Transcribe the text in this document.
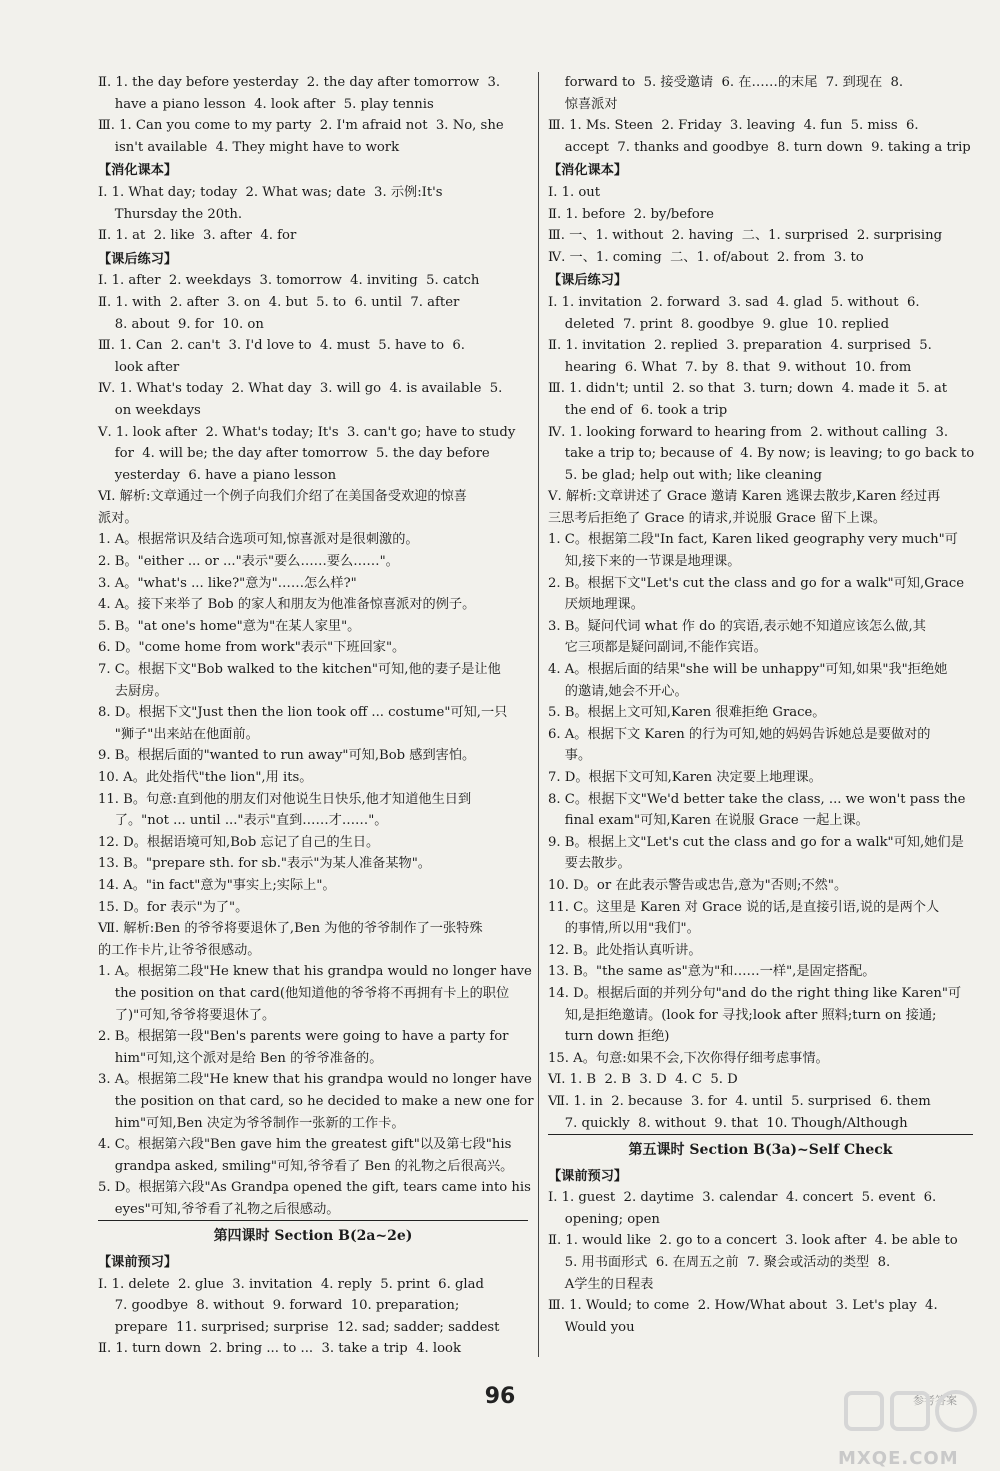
Ⅱ. 1. the day before yesterday  2. the day after tomorrow  3.
have a piano lesson  4. look after  5. play tennis
Ⅲ. 1. Can you come to my party  2. I'm afraid not  3. No, she
isn't available  4. They might have to work
【消化课本】
Ⅰ. 1. What day; today  2. What was; date  3. 示例:It's
Thursday the 20th.
Ⅱ. 1. at  2. like  3. after  4. for
【课后练习】
Ⅰ. 1. after  2. weekdays  3. tomorrow  4. inviting  5. catch
Ⅱ. 1. with  2. after  3. on  4. but  5. to  6. until  7. after
8. about  9. for  10. on
Ⅲ. 1. Can  2. can't  3. I'd love to  4. must  5. have to  6.
look after
Ⅳ. 1. What's today  2. What day  3. will go  4. is available  5.
on weekdays
Ⅴ. 1. look after  2. What's today; It's  3. can't go; have to study
for  4. will be; the day after tomorrow  5. the day before
yesterday  6. have a piano lesson
Ⅵ. 解析:文章通过一个例子向我们介绍了在美国备受欢迎的惊喜
派对。
1. A。根据常识及结合选项可知,惊喜派对是很刺激的。
2. B。"either ... or ..."表示"要么……要么……"。
3. A。"what's ... like?"意为"……怎么样?"
4. A。接下来举了 Bob 的家人和朋友为他准备惊喜派对的例子。
5. B。"at one's home"意为"在某人家里"。
6. D。"come home from work"表示"下班回家"。
7. C。根据下文"Bob walked to the kitchen"可知,他的妻子是让他
去厨房。
8. D。根据下文"Just then the lion took off ... costume"可知,一只
"狮子"出来站在他面前。
9. B。根据后面的"wanted to run away"可知,Bob 感到害怕。
10. A。此处指代"the lion",用 its。
11. B。句意:直到他的朋友们对他说生日快乐,他才知道他生日到
了。"not ... until ..."表示"直到……才……"。
12. D。根据语境可知,Bob 忘记了自己的生日。
13. B。"prepare sth. for sb."表示"为某人准备某物"。
14. A。"in fact"意为"事实上;实际上"。
15. D。for 表示"为了"。
Ⅶ. 解析:Ben 的爷爷将要退休了,Ben 为他的爷爷制作了一张特殊
的工作卡片,让爷爷很感动。
1. A。根据第二段"He knew that his grandpa would no longer have
the position on that card(他知道他的爷爷将不再拥有卡上的职位
了)"可知,爷爷将要退休了。
2. B。根据第一段"Ben's parents were going to have a party for
him"可知,这个派对是给 Ben 的爷爷准备的。
3. A。根据第二段"He knew that his grandpa would no longer have
the position on that card, so he decided to make a new one for
him"可知,Ben 决定为爷爷制作一张新的工作卡。
4. C。根据第六段"Ben gave him the greatest gift"以及第七段"his
grandpa asked, smiling"可知,爷爷看了 Ben 的礼物之后很高兴。
5. D。根据第六段"As Grandpa opened the gift, tears came into his
eyes"可知,爷爷看了礼物之后很感动。
第四课时 Section B(2a~2e)
【课前预习】
Ⅰ. 1. delete  2. glue  3. invitation  4. reply  5. print  6. glad
7. goodbye  8. without  9. forward  10. preparation;
prepare  11. surprised; surprise  12. sad; sadder; saddest
Ⅱ. 1. turn down  2. bring ... to ...  3. take a trip  4. look
forward to  5. 接受邀请  6. 在……的末尾  7. 到现在  8.
惊喜派对
Ⅲ. 1. Ms. Steen  2. Friday  3. leaving  4. fun  5. miss  6.
accept  7. thanks and goodbye  8. turn down  9. taking a trip
【消化课本】
Ⅰ. 1. out
Ⅱ. 1. before  2. by/before
Ⅲ. 一、1. without  2. having  二、1. surprised  2. surprising
Ⅳ. 一、1. coming  二、1. of/about  2. from  3. to
【课后练习】
Ⅰ. 1. invitation  2. forward  3. sad  4. glad  5. without  6.
deleted  7. print  8. goodbye  9. glue  10. replied
Ⅱ. 1. invitation  2. replied  3. preparation  4. surprised  5.
hearing  6. What  7. by  8. that  9. without  10. from
Ⅲ. 1. didn't; until  2. so that  3. turn; down  4. made it  5. at
the end of  6. took a trip
Ⅳ. 1. looking forward to hearing from  2. without calling  3.
take a trip to; because of  4. By now; is leaving; to go back to
5. be glad; help out with; like cleaning
Ⅴ. 解析:文章讲述了 Grace 邀请 Karen 逃课去散步,Karen 经过再
三思考后拒绝了 Grace 的请求,并说服 Grace 留下上课。
1. C。根据第二段"In fact, Karen liked geography very much"可
知,接下来的一节课是地理课。
2. B。根据下文"Let's cut the class and go for a walk"可知,Grace
厌烦地理课。
3. B。疑问代词 what 作 do 的宾语,表示她不知道应该怎么做,其
它三项都是疑问副词,不能作宾语。
4. A。根据后面的结果"she will be unhappy"可知,如果"我"拒绝她
的邀请,她会不开心。
5. B。根据上文可知,Karen 很难拒绝 Grace。
6. A。根据下文 Karen 的行为可知,她的妈妈告诉她总是要做对的
事。
7. D。根据下文可知,Karen 决定要上地理课。
8. C。根据下文"We'd better take the class, ... we won't pass the
final exam"可知,Karen 在说服 Grace 一起上课。
9. B。根据上文"Let's cut the class and go for a walk"可知,她们是
要去散步。
10. D。or 在此表示警告或忠告,意为"否则;不然"。
11. C。这里是 Karen 对 Grace 说的话,是直接引语,说的是两个人
的事情,所以用"我们"。
12. B。此处指认真听讲。
13. B。"the same as"意为"和……一样",是固定搭配。
14. D。根据后面的并列分句"and do the right thing like Karen"可
知,是拒绝邀请。(look for 寻找;look after 照料;turn on 接通;
turn down 拒绝)
15. A。句意:如果不会,下次你得仔细考虑事情。
Ⅵ. 1. B  2. B  3. D  4. C  5. D
Ⅶ. 1. in  2. because  3. for  4. until  5. surprised  6. them
7. quickly  8. without  9. that  10. Though/Although
第五课时 Section B(3a)~Self Check
【课前预习】
Ⅰ. 1. guest  2. daytime  3. calendar  4. concert  5. event  6.
opening; open
Ⅱ. 1. would like  2. go to a concert  3. look after  4. be able to
5. 用书面形式  6. 在周五之前  7. 聚会或活动的类型  8.
A学生的日程表
Ⅲ. 1. Would; to come  2. How/What about  3. Let's play  4.
Would you
96	参考答案
MXQE.COM
